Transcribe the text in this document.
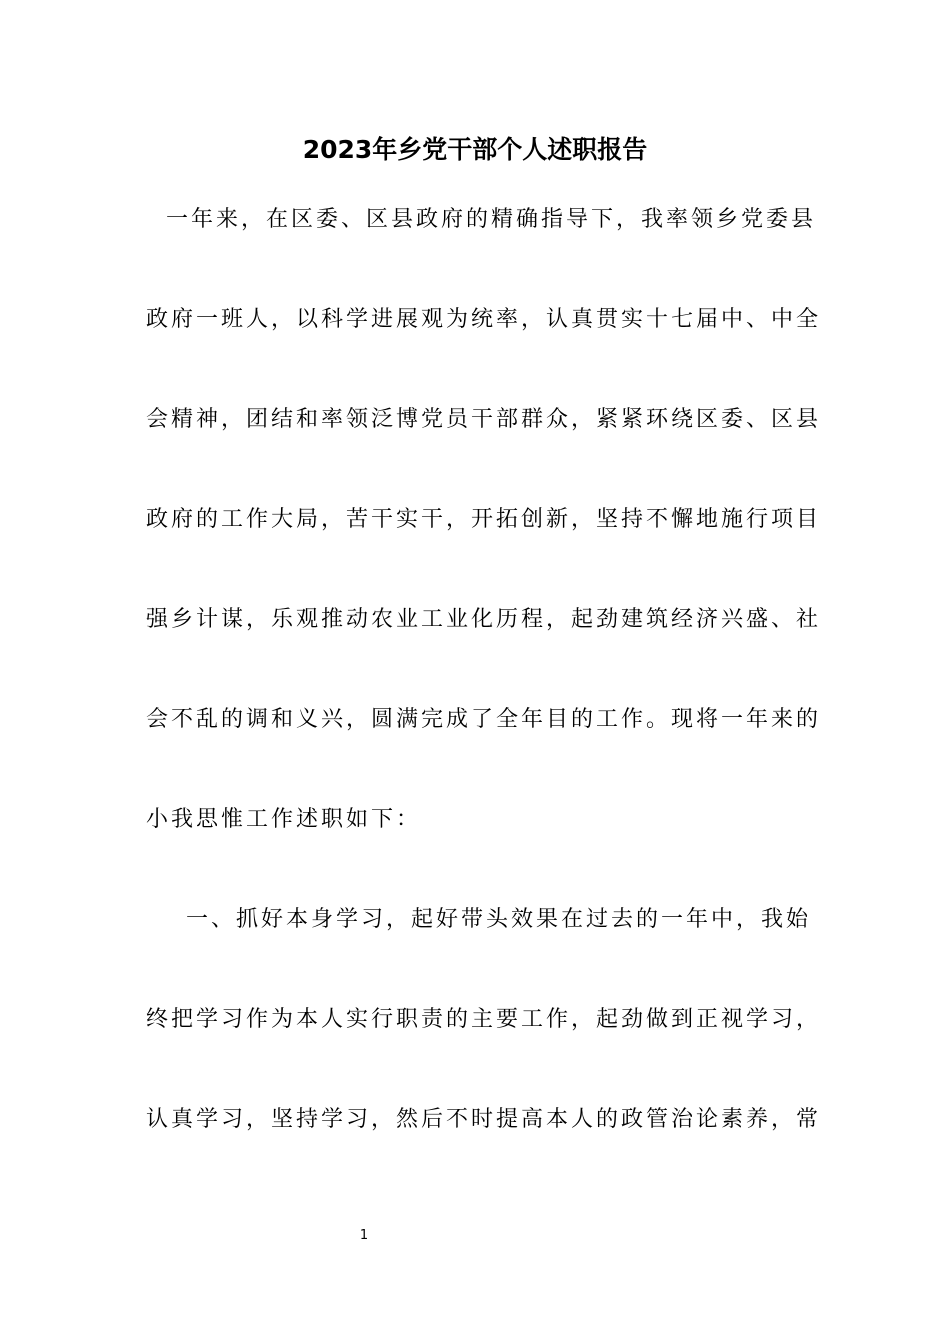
2023年乡党干部个人述职报告
一年来，在区委、区县政府的精确指导下，我率领乡党委县
政府一班人，以科学进展观为统率，认真贯实十七届中、中全
会精神，团结和率领泛博党员干部群众，紧紧环绕区委、区县
政府的工作大局，苦干实干，开拓创新，坚持不懈地施行项目
强乡计谋，乐观推动农业工业化历程，起劲建筑经济兴盛、社
会不乱的调和义兴，圆满完成了全年目的工作。现将一年来的
小我思惟工作述职如下：
一、抓好本身学习，起好带头效果在过去的一年中，我始
终把学习作为本人实行职责的主要工作，起劲做到正视学习，
认真学习，坚持学习，然后不时提高本人的政管治论素养，常
1
